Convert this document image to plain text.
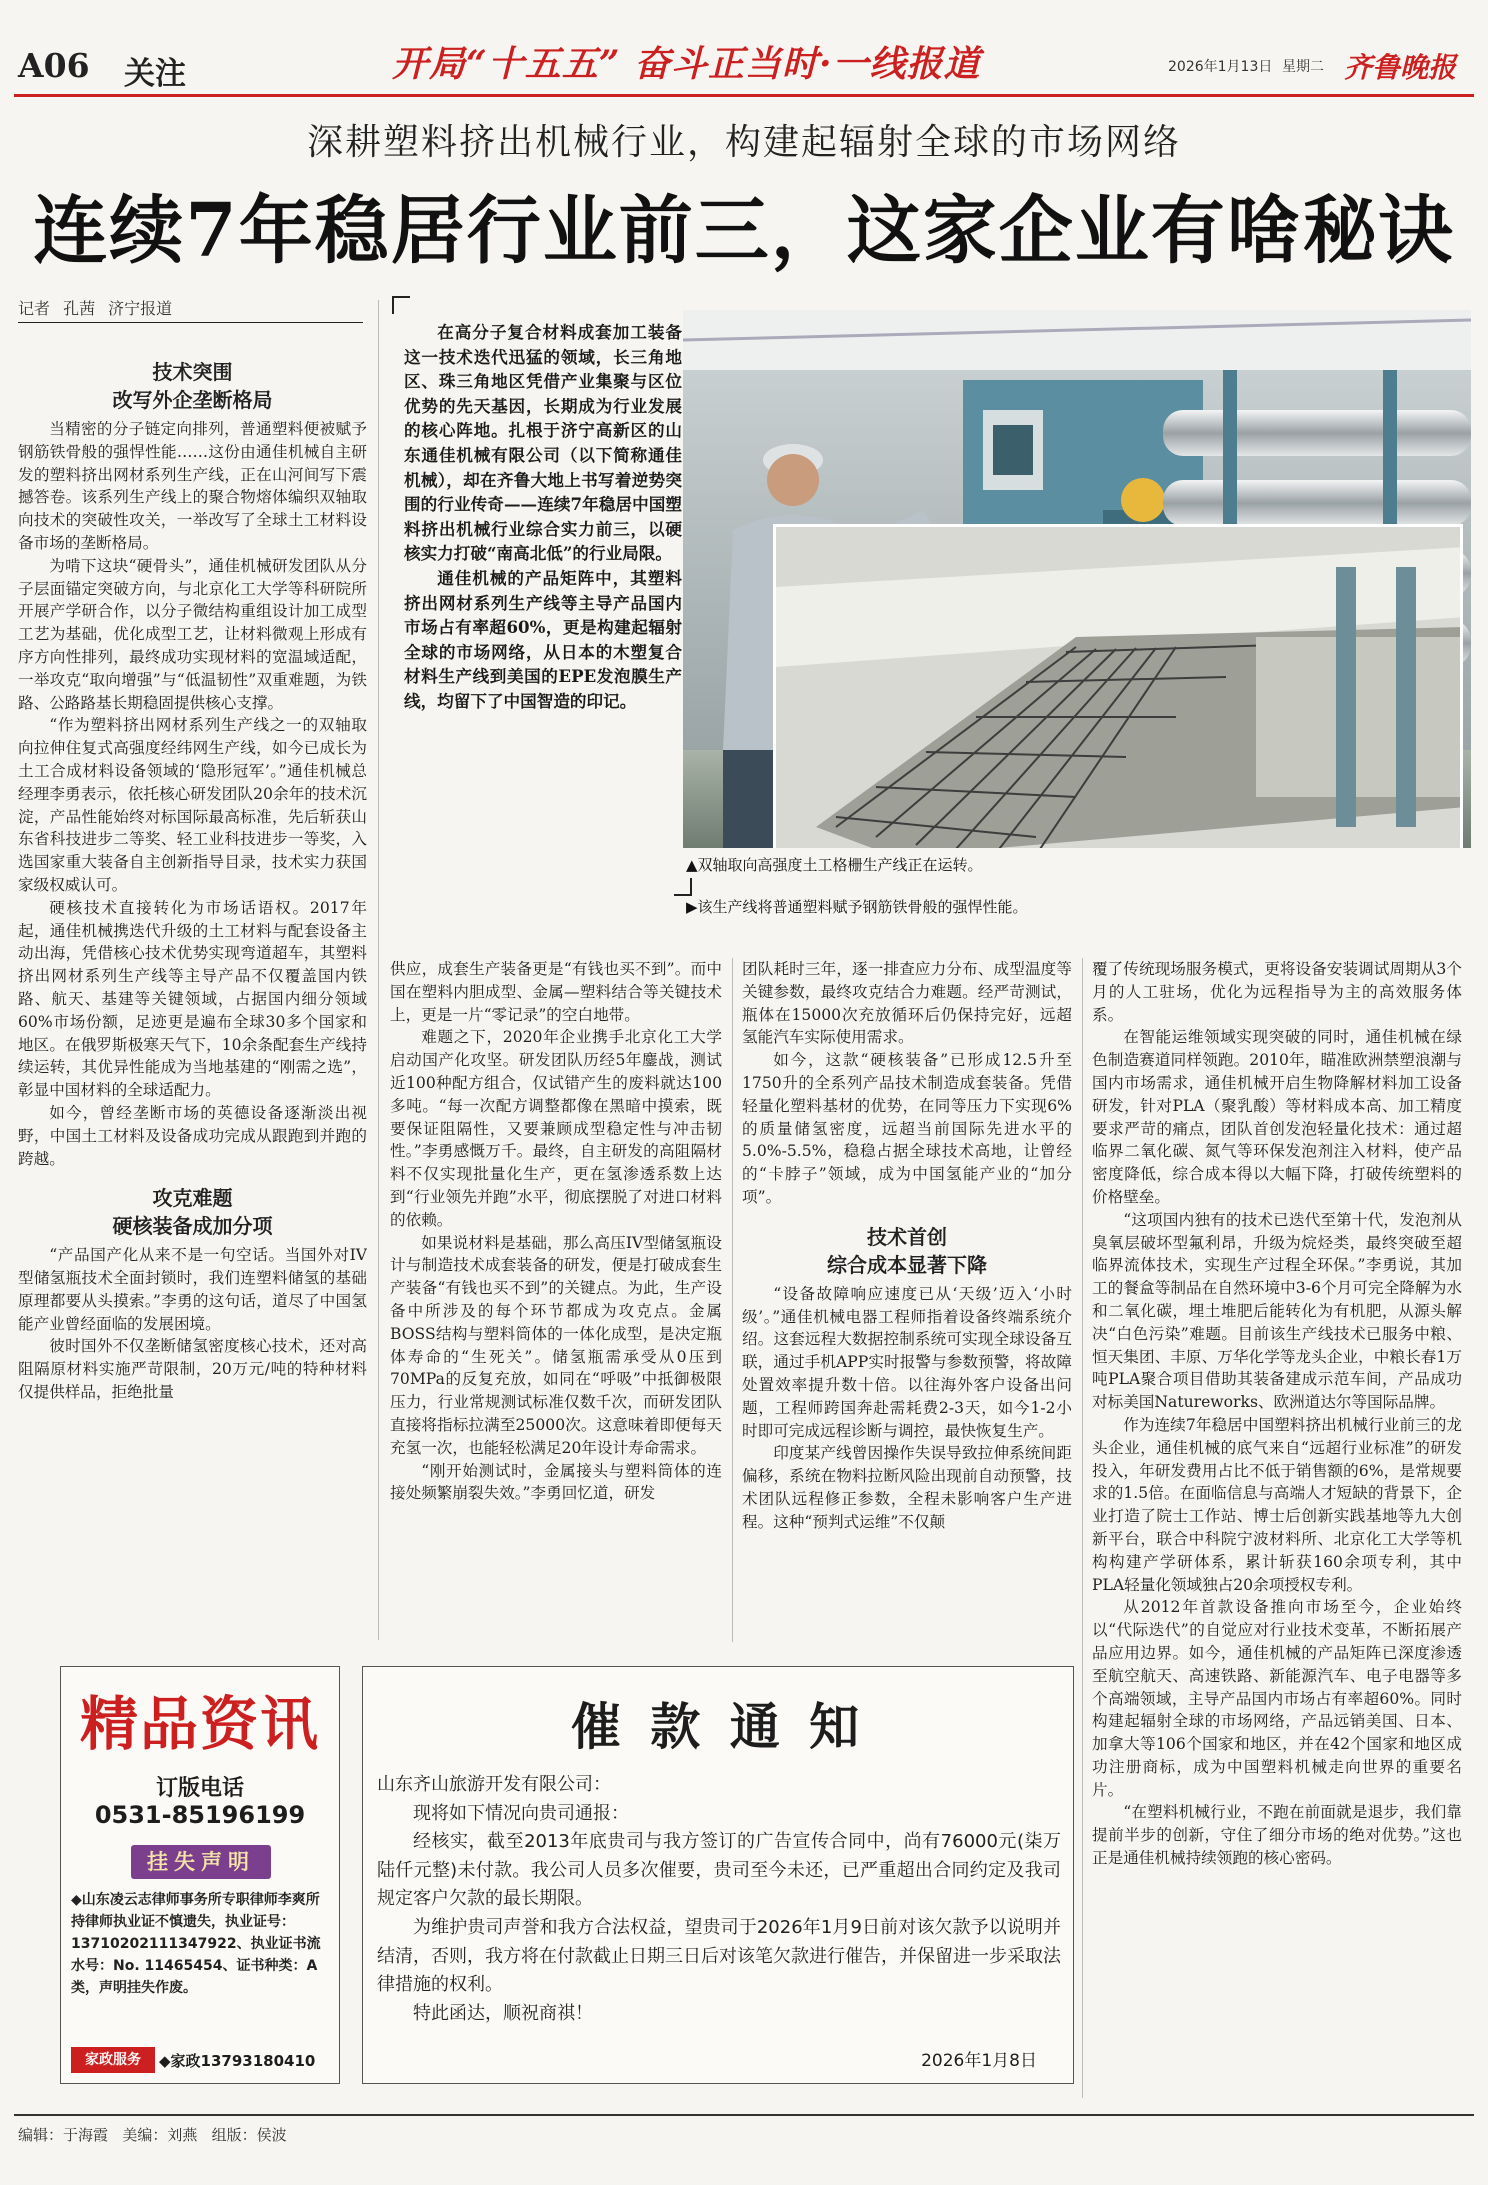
A06 关注	开局“十五五” 奋斗正当时·一线报道	2026年1月13日 星期二 齐鲁晚报
深耕塑料挤出机械行业，构建起辐射全球的市场网络
连续7年稳居行业前三，这家企业有啥秘诀
记者 孔茜 济宁报道
技术突围
改写外企垄断格局

当精密的分子链定向排列，普通塑料便被赋予钢筋铁骨般的强悍性能……这份由通佳机械自主研发的塑料挤出网材系列生产线，正在山河间写下震撼答卷。该系列生产线上的聚合物熔体编织双轴取向技术的突破性攻关，一举改写了全球土工材料设备市场的垄断格局。

为啃下这块“硬骨头”，通佳机械研发团队从分子层面锚定突破方向，与北京化工大学等科研院所开展产学研合作，以分子微结构重组设计加工成型工艺为基础，优化成型工艺，让材料微观上形成有序方向性排列，最终成功实现材料的宽温域适配，一举攻克“取向增强”与“低温韧性”双重难题，为铁路、公路路基长期稳固提供核心支撑。

“作为塑料挤出网材系列生产线之一的双轴取向拉伸住复式高强度经纬网生产线，如今已成长为土工合成材料设备领域的‘隐形冠军’。”通佳机械总经理李勇表示，依托核心研发团队20余年的技术沉淀，产品性能始终对标国际最高标准，先后斩获山东省科技进步二等奖、轻工业科技进步一等奖，入选国家重大装备自主创新指导目录，技术实力获国家级权威认可。

硬核技术直接转化为市场话语权。2017年起，通佳机械携迭代升级的土工材料与配套设备主动出海，凭借核心技术优势实现弯道超车，其塑料挤出网材系列生产线等主导产品不仅覆盖国内铁路、航天、基建等关键领域，占据国内细分领域60%市场份额，足迹更是遍布全球30多个国家和地区。在俄罗斯极寒天气下，10余条配套生产线持续运转，其优异性能成为当地基建的“刚需之选”，彰显中国材料的全球适配力。

如今，曾经垄断市场的英德设备逐渐淡出视野，中国土工材料及设备成功完成从跟跑到并跑的跨越。

攻克难题
硬核装备成加分项

“产品国产化从来不是一句空话。当国外对IV型储氢瓶技术全面封锁时，我们连塑料储氢的基础原理都要从头摸索。”李勇的这句话，道尽了中国氢能产业曾经面临的发展困境。

彼时国外不仅垄断储氢密度核心技术，还对高阻隔原材料实施严苛限制，20万元/吨的特种材料仅提供样品，拒绝批量

在高分子复合材料成套加工装备这一技术迭代迅猛的领域，长三角地区、珠三角地区凭借产业集聚与区位优势的先天基因，长期成为行业发展的核心阵地。扎根于济宁高新区的山东通佳机械有限公司（以下简称通佳机械），却在齐鲁大地上书写着逆势突围的行业传奇——连续7年稳居中国塑料挤出机械行业综合实力前三，以硬核实力打破“南高北低”的行业局限。

通佳机械的产品矩阵中，其塑料挤出网材系列生产线等主导产品国内市场占有率超60%，更是构建起辐射全球的市场网络，从日本的木塑复合材料生产线到美国的EPE发泡膜生产线，均留下了中国智造的印记。

▲双轴取向高强度土工格栅生产线正在运转。
▶该生产线将普通塑料赋予钢筋铁骨般的强悍性能。

供应，成套生产装备更是“有钱也买不到”。而中国在塑料内胆成型、金属—塑料结合等关键技术上，更是一片“零记录”的空白地带。

难题之下，2020年企业携手北京化工大学启动国产化攻坚。研发团队历经5年鏖战，测试近100种配方组合，仅试错产生的废料就达100多吨。“每一次配方调整都像在黑暗中摸索，既要保证阻隔性，又要兼顾成型稳定性与冲击韧性。”李勇感慨万千。最终，自主研发的高阻隔材料不仅实现批量化生产，更在氢渗透系数上达到“行业领先并跑”水平，彻底摆脱了对进口材料的依赖。

如果说材料是基础，那么高压IV型储氢瓶设计与制造技术成套装备的研发，便是打破成套生产装备“有钱也买不到”的关键点。为此，生产设备中所涉及的每个环节都成为攻克点。金属BOSS结构与塑料筒体的一体化成型，是决定瓶体寿命的“生死关”。储氢瓶需承受从0压到70MPa的反复充放，如同在“呼吸”中抵御极限压力，行业常规测试标准仅数千次，而研发团队直接将指标拉满至25000次。这意味着即便每天充氢一次，也能轻松满足20年设计寿命需求。

“刚开始测试时，金属接头与塑料筒体的连接处频繁崩裂失效。”李勇回忆道，研发

团队耗时三年，逐一排查应力分布、成型温度等关键参数，最终攻克结合力难题。经严苛测试，瓶体在15000次充放循环后仍保持完好，远超氢能汽车实际使用需求。

如今，这款“硬核装备”已形成12.5升至1750升的全系列产品技术制造成套装备。凭借轻量化塑料基材的优势，在同等压力下实现6%的质量储氢密度，远超当前国际先进水平的5.0%-5.5%，稳稳占据全球技术高地，让曾经的“卡脖子”领域，成为中国氢能产业的“加分项”。

技术首创
综合成本显著下降

“设备故障响应速度已从‘天级’迈入‘小时级’。”通佳机械电器工程师指着设备终端系统介绍。这套远程大数据控制系统可实现全球设备互联，通过手机APP实时报警与参数预警，将故障处置效率提升数十倍。以往海外客户设备出问题，工程师跨国奔赴需耗费2-3天，如今1-2小时即可完成远程诊断与调控，最快恢复生产。

印度某产线曾因操作失误导致拉伸系统间距偏移，系统在物料拉断风险出现前自动预警，技术团队远程修正参数，全程未影响客户生产进程。这种“预判式运维”不仅颠

覆了传统现场服务模式，更将设备安装调试周期从3个月的人工驻场，优化为远程指导为主的高效服务体系。

在智能运维领域实现突破的同时，通佳机械在绿色制造赛道同样领跑。2010年，瞄准欧洲禁塑浪潮与国内市场需求，通佳机械开启生物降解材料加工设备研发，针对PLA（聚乳酸）等材料成本高、加工精度要求严苛的痛点，团队首创发泡轻量化技术：通过超临界二氧化碳、氮气等环保发泡剂注入材料，使产品密度降低，综合成本得以大幅下降，打破传统塑料的价格壁垒。

“这项国内独有的技术已迭代至第十代，发泡剂从臭氧层破坏型氟利昂，升级为烷烃类，最终突破至超临界流体技术，实现生产过程全环保。”李勇说，其加工的餐盒等制品在自然环境中3-6个月可完全降解为水和二氧化碳，埋土堆肥后能转化为有机肥，从源头解决“白色污染”难题。目前该生产线技术已服务中粮、恒天集团、丰原、万华化学等龙头企业，中粮长春1万吨PLA聚合项目借助其装备建成示范车间，产品成功对标美国Natureworks、欧洲道达尔等国际品牌。

作为连续7年稳居中国塑料挤出机械行业前三的龙头企业，通佳机械的底气来自“远超行业标准”的研发投入，年研发费用占比不低于销售额的6%，是常规要求的1.5倍。在面临信息与高端人才短缺的背景下，企业打造了院士工作站、博士后创新实践基地等九大创新平台，联合中科院宁波材料所、北京化工大学等机构构建产学研体系，累计斩获160余项专利，其中PLA轻量化领域独占20余项授权专利。

从2012年首款设备推向市场至今，企业始终以“代际迭代”的自觉应对行业技术变革，不断拓展产品应用边界。如今，通佳机械的产品矩阵已深度渗透至航空航天、高速铁路、新能源汽车、电子电器等多个高端领域，主导产品国内市场占有率超60%。同时构建起辐射全球的市场网络，产品远销美国、日本、加拿大等106个国家和地区，并在42个国家和地区成功注册商标，成为中国塑料机械走向世界的重要名片。

“在塑料机械行业，不跑在前面就是退步，我们靠提前半步的创新，守住了细分市场的绝对优势。”这也正是通佳机械持续领跑的核心密码。

精品资讯
订版电话
0531-85196199
挂失声明
◆山东凌云志律师事务所专职律师李爽所持律师执业证不慎遗失，执业证号：13710202111347922、执业证书流水号：No. 11465454、证书种类：A类，声明挂失作废。
家政服务	◆家政13793180410
催 款 通 知
山东齐山旅游开发有限公司：

现将如下情况向贵司通报：

经核实，截至2013年底贵司与我方签订的广告宣传合同中，尚有76000元(柒万陆仟元整)未付款。我公司人员多次催要，贵司至今未还，已严重超出合同约定及我司规定客户欠款的最长期限。

为维护贵司声誉和我方合法权益，望贵司于2026年1月9日前对该欠款予以说明并结清，否则，我方将在付款截止日期三日后对该笔欠款进行催告，并保留进一步采取法律措施的权利。

特此函达，顺祝商祺！

2026年1月8日
编辑：于海霞 美编：刘燕 组版：侯波
